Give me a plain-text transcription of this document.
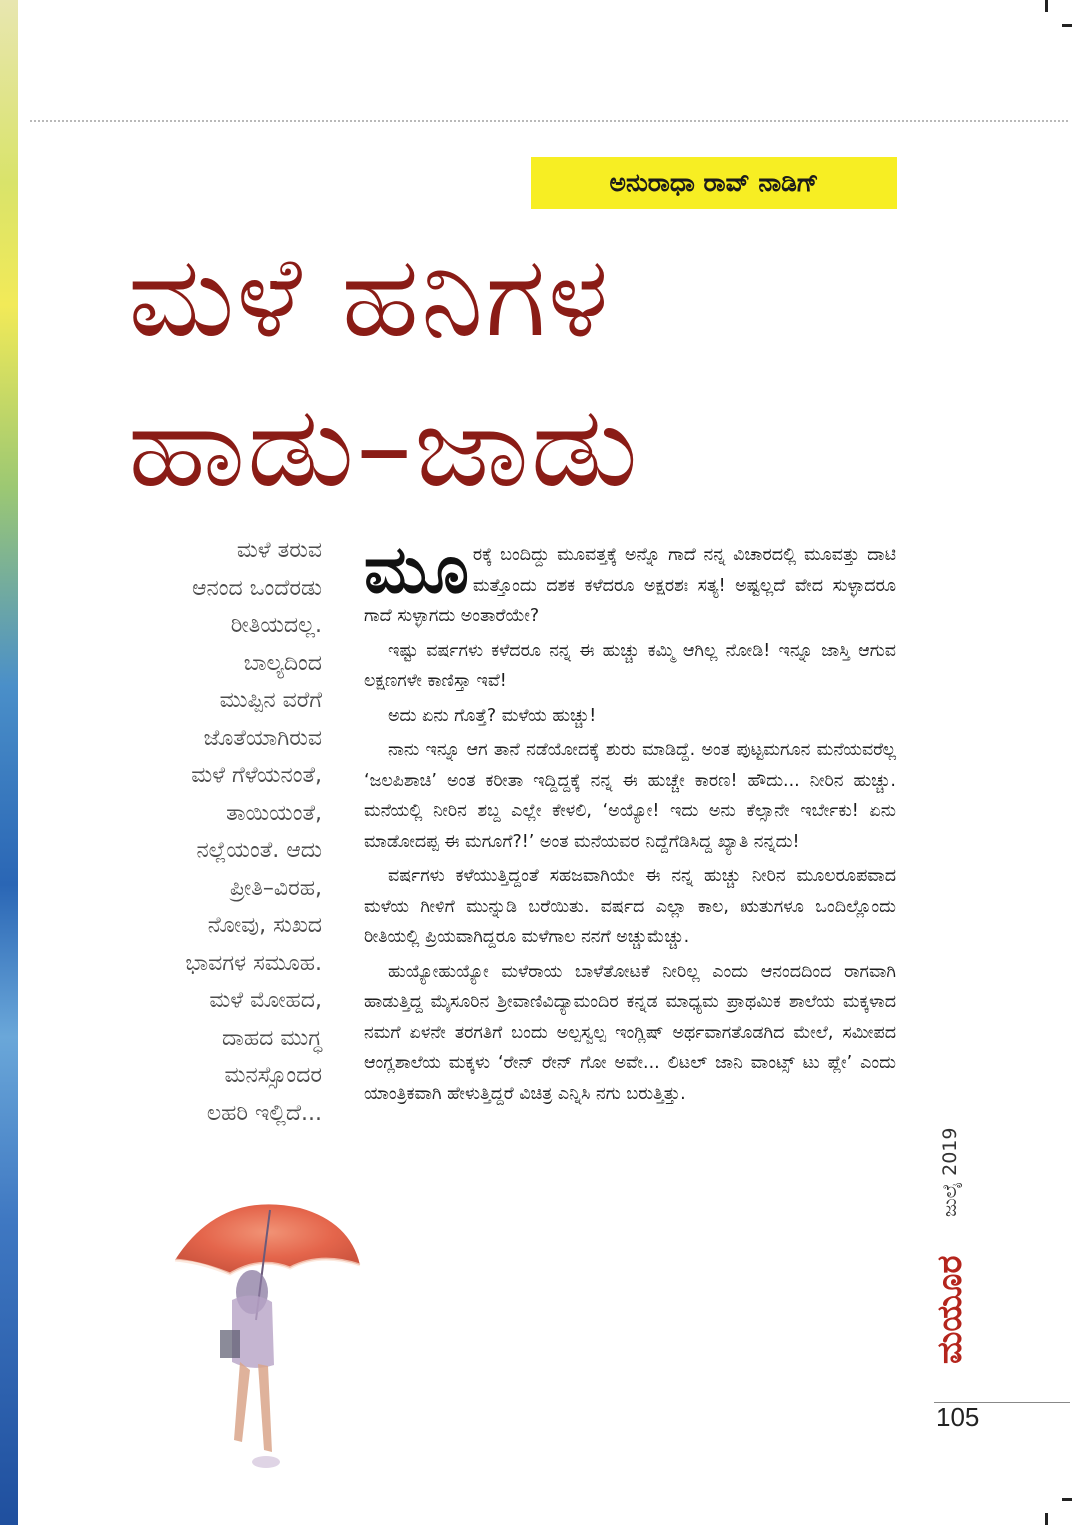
ಅನುರಾಧಾ ರಾವ್ ನಾಡಿಗ್
ಮಳೆ ಹನಿಗಳ
ಹಾಡು–ಜಾಡು
ಮಳೆ ತರುವ
ಆನಂದ ಒಂದೆರಡು
ರೀತಿಯದಲ್ಲ.
ಬಾಲ್ಯದಿಂದ
ಮುಪ್ಪಿನ ವರೆಗೆ
ಜೊತೆಯಾಗಿರುವ
ಮಳೆ ಗೆಳೆಯನಂತೆ,
ತಾಯಿಯಂತೆ,
ನಲ್ಲೆಯಂತೆ. ಆದು
ಪ್ರೀತಿ–ವಿರಹ,
ನೋವು, ಸುಖದ
ಭಾವಗಳ ಸಮೂಹ.
ಮಳೆ ಮೋಹದ,
ದಾಹದ ಮುಗ್ಧ
ಮನಸ್ಸೊಂದರ
ಲಹರಿ ಇಲ್ಲಿದೆ...

ಮೂರಕ್ಕೆ ಬಂದಿದ್ದು ಮೂವತ್ತಕ್ಕೆ ಅನ್ನೊ ಗಾದೆ ನನ್ನ ವಿಚಾರದಲ್ಲಿ ಮೂವತ್ತು ದಾಟಿ ಮತ್ತೊಂದು ದಶಕ ಕಳೆದರೂ ಅಕ್ಷರಶಃ ಸತ್ಯ! ಅಷ್ಟಲ್ಲದೆ ವೇದ ಸುಳ್ಳಾದರೂ ಗಾದೆ ಸುಳ್ಳಾಗದು ಅಂತಾರೆಯೇ?

ಇಷ್ಟು ವರ್ಷಗಳು ಕಳೆದರೂ ನನ್ನ ಈ ಹುಚ್ಚು ಕಮ್ಮಿ ಆಗಿಲ್ಲ ನೋಡಿ! ಇನ್ನೂ ಜಾಸ್ತಿ ಆಗುವ ಲಕ್ಷಣಗಳೇ ಕಾಣಿಸ್ತಾ ಇವೆ!

ಅದು ಏನು ಗೊತ್ತೆ? ಮಳೆಯ ಹುಚ್ಚು!

ನಾನು ಇನ್ನೂ ಆಗ ತಾನೆ ನಡೆಯೋದಕ್ಕೆ ಶುರು ಮಾಡಿದ್ದೆ. ಅಂತ ಪುಟ್ಟಮಗೂನ ಮನೆಯವರೆಲ್ಲ ‘ಜಲಪಿಶಾಚಿ’ ಅಂತ ಕರೀತಾ ಇದ್ದಿದ್ದಕ್ಕೆ ನನ್ನ ಈ ಹುಚ್ಚೇ ಕಾರಣ! ಹೌದು... ನೀರಿನ ಹುಚ್ಚು. ಮನೆಯಲ್ಲಿ ನೀರಿನ ಶಬ್ದ ಎಲ್ಲೇ ಕೇಳಲಿ, ‘ಅಯ್ಯೋ! ಇದು ಅನು ಕೆಲ್ಸಾನೇ ಇರ್ಬೇಕು! ಏನು ಮಾಡೋದಪ್ಪ ಈ ಮಗೂಗೆ?!’ ಅಂತ ಮನೆಯವರ ನಿದ್ದೆಗೆಡಿಸಿದ್ದ ಖ್ಯಾತಿ ನನ್ನದು!

ವರ್ಷಗಳು ಕಳೆಯುತ್ತಿದ್ದಂತೆ ಸಹಜವಾಗಿಯೇ ಈ ನನ್ನ ಹುಚ್ಚು ನೀರಿನ ಮೂಲರೂಪವಾದ ಮಳೆಯ ಗೀಳಿಗೆ ಮುನ್ನುಡಿ ಬರೆಯಿತು. ವರ್ಷದ ಎಲ್ಲಾ ಕಾಲ, ಋತುಗಳೂ ಒಂದಿಲ್ಲೊಂದು ರೀತಿಯಲ್ಲಿ ಪ್ರಿಯವಾಗಿದ್ದರೂ ಮಳೆಗಾಲ ನನಗೆ ಅಚ್ಚುಮೆಚ್ಚು.

ಹುಯ್ಯೋಹುಯ್ಯೋ ಮಳೆರಾಯ ಬಾಳೆತೋಟಕೆ ನೀರಿಲ್ಲ ಎಂದು ಆನಂದದಿಂದ ರಾಗವಾಗಿ ಹಾಡುತ್ತಿದ್ದ ಮೈಸೂರಿನ ಶ್ರೀವಾಣಿವಿದ್ಯಾಮಂದಿರ ಕನ್ನಡ ಮಾಧ್ಯಮ ಪ್ರಾಥಮಿಕ ಶಾಲೆಯ ಮಕ್ಕಳಾದ ನಮಗೆ ಏಳನೇ ತರಗತಿಗೆ ಬಂದು ಅಲ್ಪಸ್ವಲ್ಪ ಇಂಗ್ಲಿಷ್ ಅರ್ಥವಾಗತೊಡಗಿದ ಮೇಲೆ, ಸಮೀಪದ ಆಂಗ್ಲಶಾಲೆಯ ಮಕ್ಕಳು ‘ರೇನ್ ರೇನ್ ಗೋ ಅವೇ... ಲಿಟಲ್ ಜಾನಿ ವಾಂಟ್ಸ್ ಟು ಪ್ಲೇ’ ಎಂದು ಯಾಂತ್ರಿಕವಾಗಿ ಹೇಳುತ್ತಿದ್ದರೆ ವಿಚಿತ್ರ ಎನ್ನಿಸಿ ನಗು ಬರುತ್ತಿತ್ತು.

ಜುಲೈ 2019
ಮಯೂರ
105
